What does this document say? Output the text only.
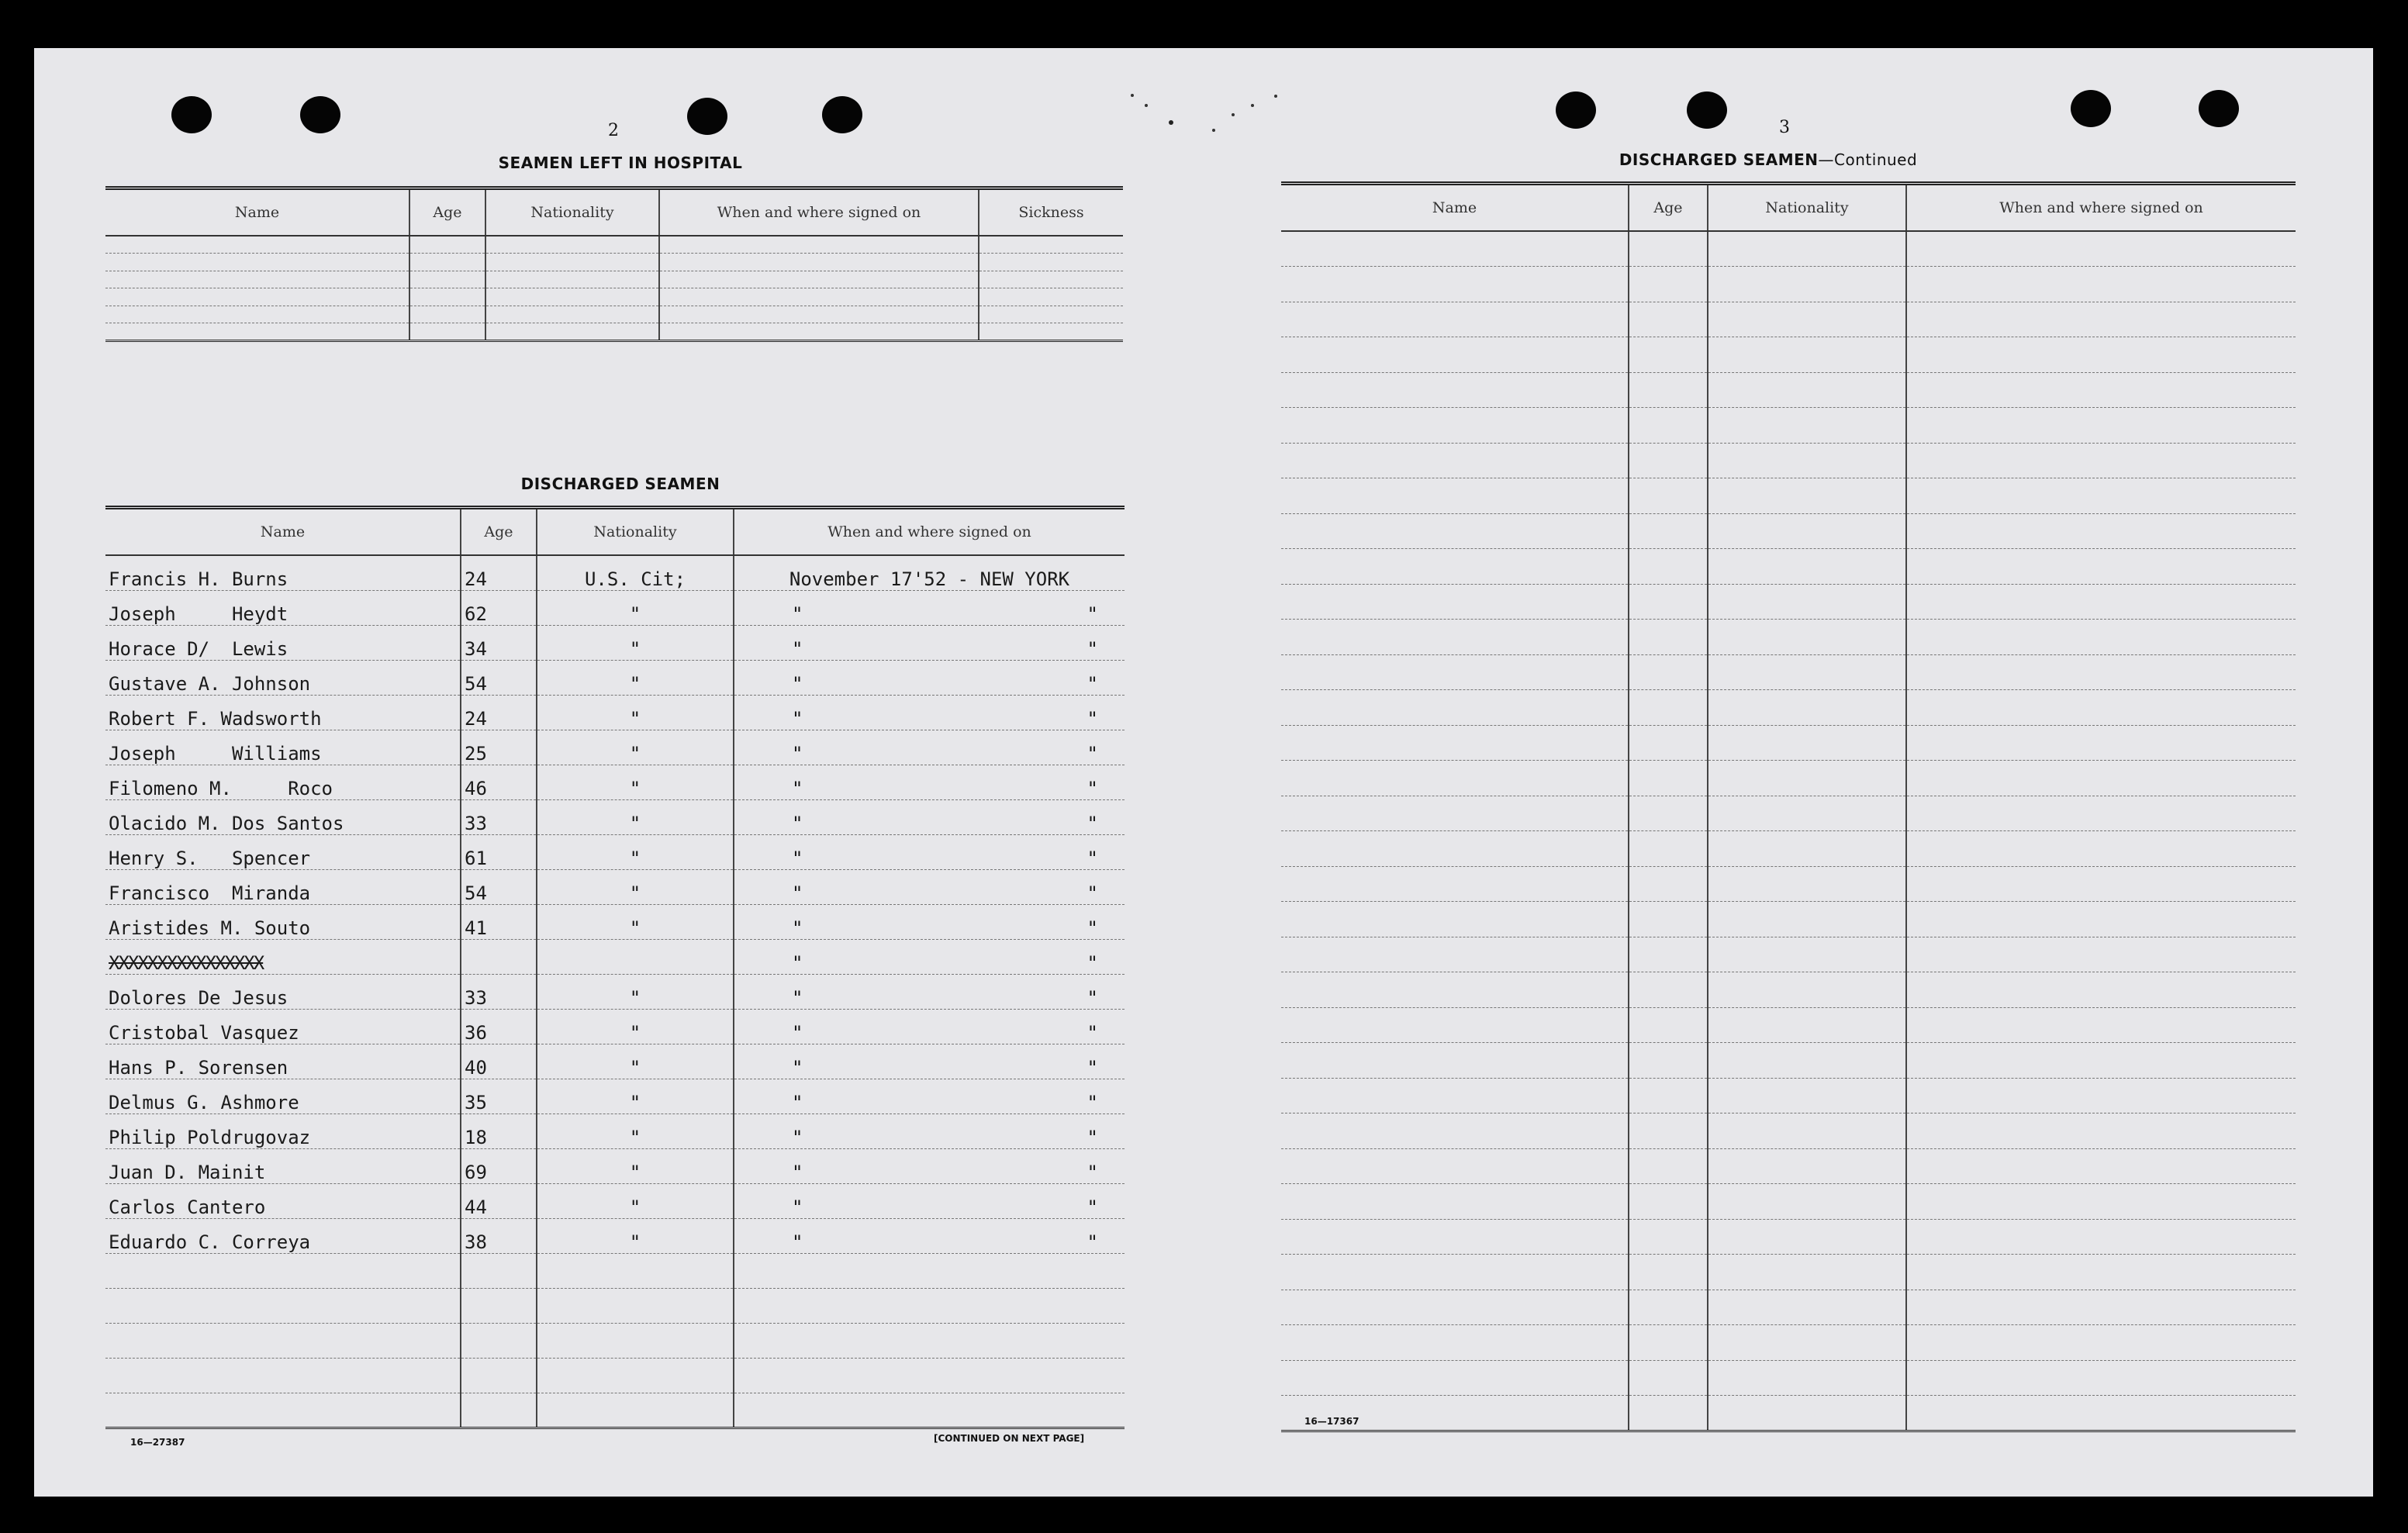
2
SEAMEN LEFT IN HOSPITAL
Name	Age	Nationality	When and where signed on	Sickness

DISCHARGED SEAMEN
Name	Age	Nationality	When and where signed on
Francis H. Burns	24	U.S. Cit;	November 17'52 - NEW YORK
Joseph     Heydt	62	"	" "

Horace D/  Lewis	34	"	" "

Gustave A. Johnson	54	"	" "

Robert F. Wadsworth	24	"	" "

Joseph     Williams	25	"	" "

Filomeno M.     Roco	46	"	" "

Olacido M. Dos Santos	33	"	" "

Henry S.   Spencer	61	"	" "

Francisco  Miranda	54	"	" "

Aristides M. Souto	41	"	" "

XXXXXXXXXXXXXXXX			" "

Dolores De Jesus	33	"	" "

Cristobal Vasquez	36	"	" "

Hans P. Sorensen	40	"	" "

Delmus G. Ashmore	35	"	" "

Philip Poldrugovaz	18	"	" "

Juan D. Mainit	69	"	" "

Carlos Cantero	44	"	" "

Eduardo C. Correya	38	"	" "

16—27387	[CONTINUED ON NEXT PAGE]
3
DISCHARGED SEAMEN—Continued
Name	Age	Nationality	When and where signed on

16—17367
